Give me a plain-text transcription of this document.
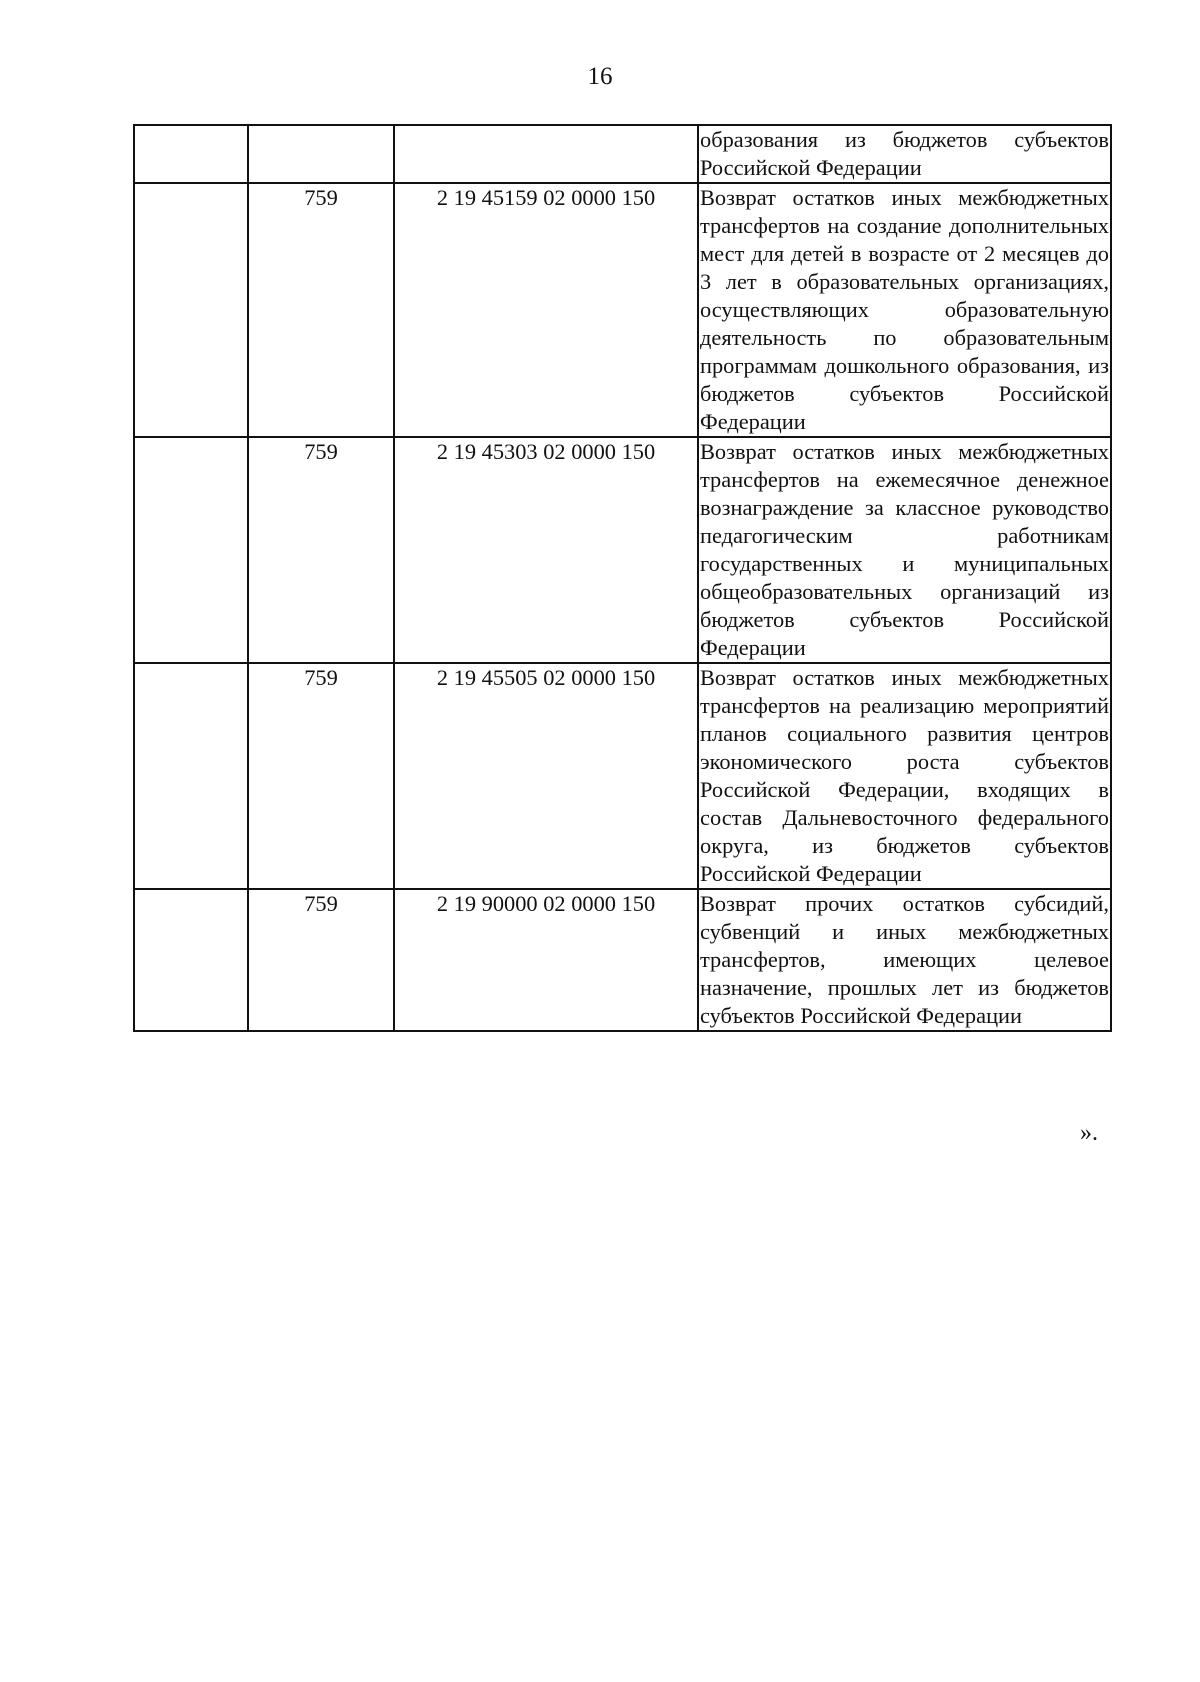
16

			образования из бюджетов субъектов Российской Федерации

	759	2 19 45159 02 0000 150	Возврат остатков иных межбюджетных трансфертов на создание дополнительных мест для детей в возрасте от 2 месяцев до 3 лет в образовательных организациях, осуществляющих образовательную деятельность по образовательным программам дошкольного образования, из бюджетов субъектов Российской Федерации

	759	2 19 45303 02 0000 150	Возврат остатков иных межбюджетных трансфертов на ежемесячное денежное вознаграждение за классное руководство педагогическим работникам государственных и муниципальных общеобразовательных организаций из бюджетов субъектов Российской Федерации

	759	2 19 45505 02 0000 150	Возврат остатков иных межбюджетных трансфертов на реализацию мероприятий планов социального развития центров экономического роста субъектов Российской Федерации, входящих в состав Дальневосточного федерального округа, из бюджетов субъектов Российской Федерации

	759	2 19 90000 02 0000 150	Возврат прочих остатков субсидий, субвенций и иных межбюджетных трансфертов, имеющих целевое назначение, прошлых лет из бюджетов субъектов Российской Федерации
».
